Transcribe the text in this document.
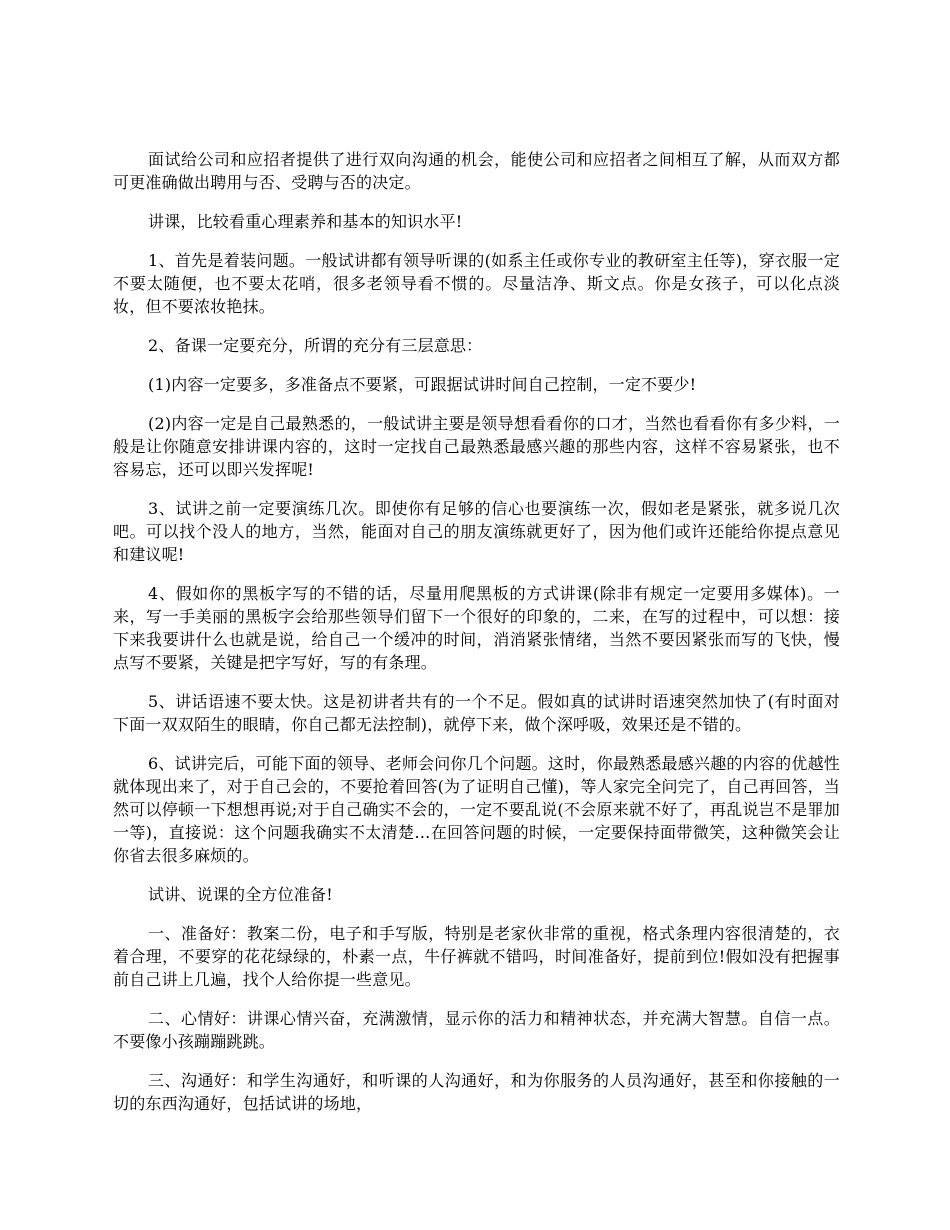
面试给公司和应招者提供了进行双向沟通的机会，能使公司和应招者之间相互了解，从而双方都可更准确做出聘用与否、受聘与否的决定。

讲课，比较看重心理素养和基本的知识水平!

1、首先是着装问题。一般试讲都有领导听课的(如系主任或你专业的教研室主任等)，穿衣服一定不要太随便，也不要太花哨，很多老领导看不惯的。尽量洁净、斯文点。你是女孩子，可以化点淡妆，但不要浓妆艳抹。

2、备课一定要充分，所谓的充分有三层意思：

(1)内容一定要多，多准备点不要紧，可跟据试讲时间自己控制，一定不要少!

(2)内容一定是自己最熟悉的，一般试讲主要是领导想看看你的口才，当然也看看你有多少料，一般是让你随意安排讲课内容的，这时一定找自己最熟悉最感兴趣的那些内容，这样不容易紧张，也不容易忘，还可以即兴发挥呢!

3、试讲之前一定要演练几次。即使你有足够的信心也要演练一次，假如老是紧张，就多说几次吧。可以找个没人的地方，当然，能面对自己的朋友演练就更好了，因为他们或许还能给你提点意见和建议呢!

4、假如你的黑板字写的不错的话，尽量用爬黑板的方式讲课(除非有规定一定要用多媒体)。一来，写一手美丽的黑板字会给那些领导们留下一个很好的印象的，二来，在写的过程中，可以想：接下来我要讲什么也就是说，给自己一个缓冲的时间，消消紧张情绪，当然不要因紧张而写的飞快，慢点写不要紧，关键是把字写好，写的有条理。

5、讲话语速不要太快。这是初讲者共有的一个不足。假如真的试讲时语速突然加快了(有时面对下面一双双陌生的眼睛，你自己都无法控制)，就停下来，做个深呼吸，效果还是不错的。

6、试讲完后，可能下面的领导、老师会问你几个问题。这时，你最熟悉最感兴趣的内容的优越性就体现出来了，对于自己会的，不要抢着回答(为了证明自己懂)，等人家完全问完了，自己再回答，当然可以停顿一下想想再说;对于自己确实不会的，一定不要乱说(不会原来就不好了，再乱说岂不是罪加一等)，直接说：这个问题我确实不太清楚…在回答问题的时候，一定要保持面带微笑，这种微笑会让你省去很多麻烦的。

试讲、说课的全方位准备!

一、准备好：教案二份，电子和手写版，特别是老家伙非常的重视，格式条理内容很清楚的，衣着合理，不要穿的花花绿绿的，朴素一点，牛仔裤就不错吗，时间准备好，提前到位!假如没有把握事前自己讲上几遍，找个人给你提一些意见。

二、心情好：讲课心情兴奋，充满激情，显示你的活力和精神状态，并充满大智慧。自信一点。不要像小孩蹦蹦跳跳。

三、沟通好：和学生沟通好，和听课的人沟通好，和为你服务的人员沟通好，甚至和你接触的一切的东西沟通好，包括试讲的场地，
